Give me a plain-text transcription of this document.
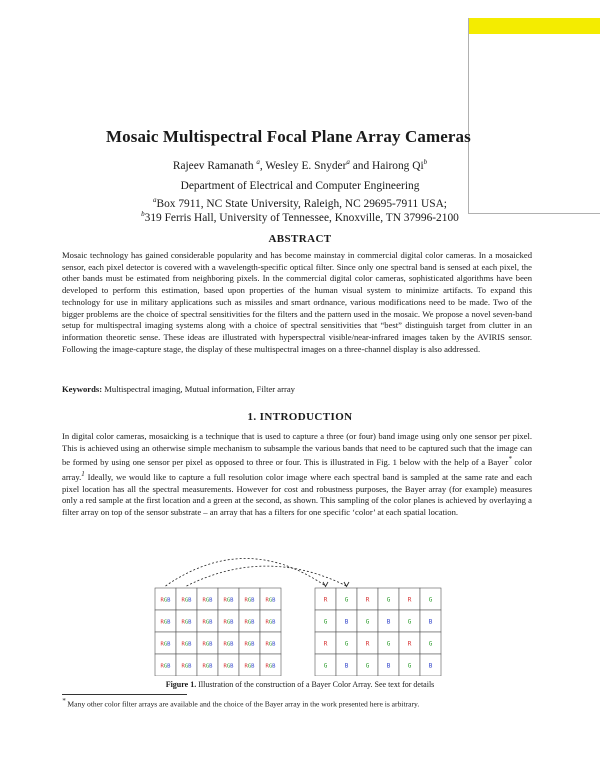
Mosaic Multispectral Focal Plane Array Cameras
Rajeev Ramanath $^a$, Wesley E. Snyder$^a$ and Hairong Qi$^b$
Department of Electrical and Computer Engineering
$^a$Box 7911, NC State University, Raleigh, NC 29695-7911 USA;
$^b$319 Ferris Hall, University of Tennessee, Knoxville, TN 37996-2100
ABSTRACT
Mosaic technology has gained considerable popularity and has become mainstay in commercial digital color cameras. In a mosaicked sensor, each pixel detector is covered with a wavelength-specific optical filter. Since only one spectral band is sensed at each pixel, the other bands must be estimated from neighboring pixels. In the commercial digital color cameras, sophisticated algorithms have been developed to perform this estimation, based upon properties of the human visual system to minimize artifacts. To expand this technology for use in military applications such as missiles and smart ordnance, various modifications need to be made. Two of the bigger problems are the choice of spectral sensitivities for the filters and the pattern used in the mosaic. We propose a novel seven-band setup for multispectral imaging systems along with a choice of spectral sensitivities that “best” distinguish target from clutter in an information theoretic sense. These ideas are illustrated with hyperspectral visible/near-infrared images taken by the AVIRIS sensor. Following the image-capture stage, the display of these multispectral images on a three-channel display is also addressed.
Keywords: Multispectral imaging, Mutual information, Filter array
1. INTRODUCTION
In digital color cameras, mosaicking is a technique that is used to capture a three (or four) band image using only one sensor per pixel. This is achieved using an otherwise simple mechanism to subsample the various bands that need to be captured such that the image can be formed by using one sensor per pixel as opposed to three or four. This is illustrated in Fig. 1 below with the help of a Bayer* color array.$^1$ Ideally, we would like to capture a full resolution color image where each spectral band is sampled at the same rate and each pixel location has all the spectral measurements. However for cost and robustness purposes, the Bayer array (for example) measures only a red sample at the first location and a green at the second, as shown. This sampling of the color planes is achieved by overlaying a filter array on top of the sensor substrate – an array that has a filters for one specific ‘color’ at each spatial location.
RGB RGB RGB RGB RGB RGB
RGB RGB RGB RGB RGB RGB
RGB RGB RGB RGB RGB RGB
RGB RGB RGB RGB RGB RGB
R	G	R	G	R	G
G	B	G	B	G	B
R	G	R	G	R	G
G	B	G	B	G	B
Figure 1. Illustration of the construction of a Bayer Color Array. See text for details
* Many other color filter arrays are available and the choice of the Bayer array in the work presented here is arbitrary.
